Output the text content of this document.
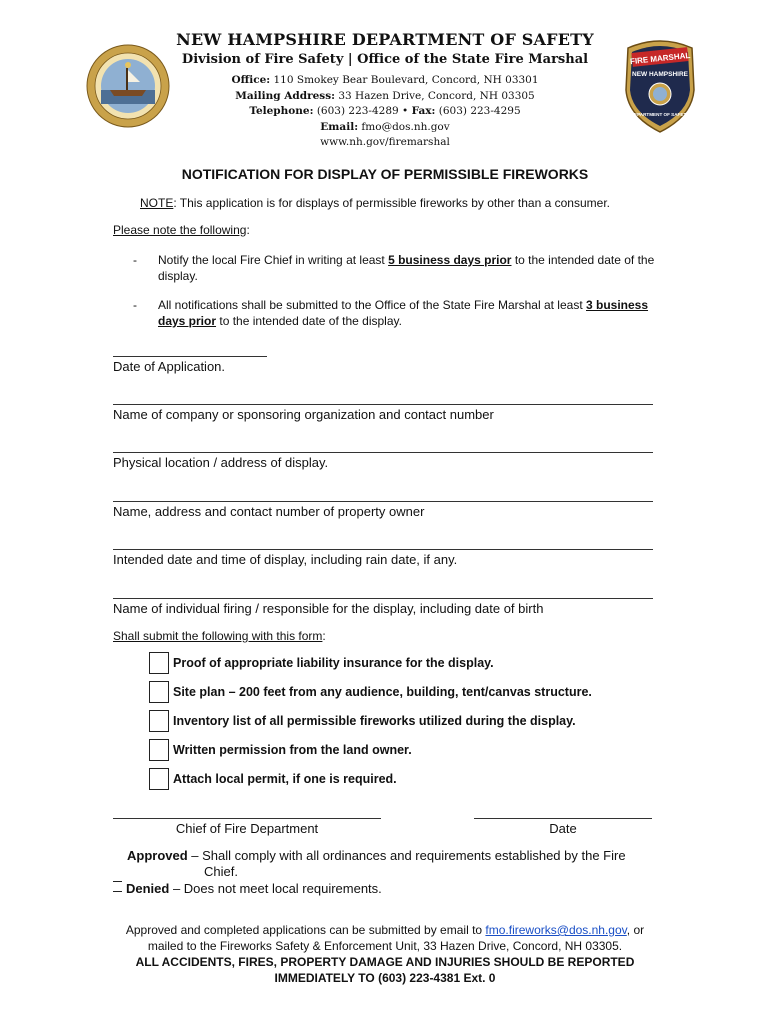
NEW HAMPSHIRE DEPARTMENT OF SAFETY
Division of Fire Safety | Office of the State Fire Marshal
Office: 110 Smokey Bear Boulevard, Concord, NH 03301
Mailing Address: 33 Hazen Drive, Concord, NH 03305
Telephone: (603) 223-4289 • Fax: (603) 223-4295
Email: fmo@dos.nh.gov
www.nh.gov/firemarshal
FIRE MARSHAL
NEW HAMPSHIRE
DEPARTMENT OF SAFETY
NOTIFICATION FOR DISPLAY OF PERMISSIBLE FIREWORKS
NOTE: This application is for displays of permissible fireworks by other than a consumer.
Please note the following:
- Notify the local Fire Chief in writing at least 5 business days prior to the intended date of the display.
- All notifications shall be submitted to the Office of the State Fire Marshal at least 3 business days prior to the intended date of the display.
Date of Application.
Name of company or sponsoring organization and contact number
Physical location / address of display.
Name, address and contact number of property owner
Intended date and time of display, including rain date, if any.
Name of individual firing / responsible for the display, including date of birth
Shall submit the following with this form:
Proof of appropriate liability insurance for the display.
Site plan – 200 feet from any audience, building, tent/canvas structure.
Inventory list of all permissible fireworks utilized during the display.
Written permission from the land owner.
Attach local permit, if one is required.
Chief of Fire Department	Date
Approved – Shall comply with all ordinances and requirements established by the Fire
Chief.
Denied – Does not meet local requirements.
Approved and completed applications can be submitted by email to fmo.fireworks@dos.nh.gov, or
mailed to the Fireworks Safety & Enforcement Unit, 33 Hazen Drive, Concord, NH 03305.
ALL ACCIDENTS, FIRES, PROPERTY DAMAGE AND INJURIES SHOULD BE REPORTED
IMMEDIATELY TO (603) 223-4381 Ext. 0
